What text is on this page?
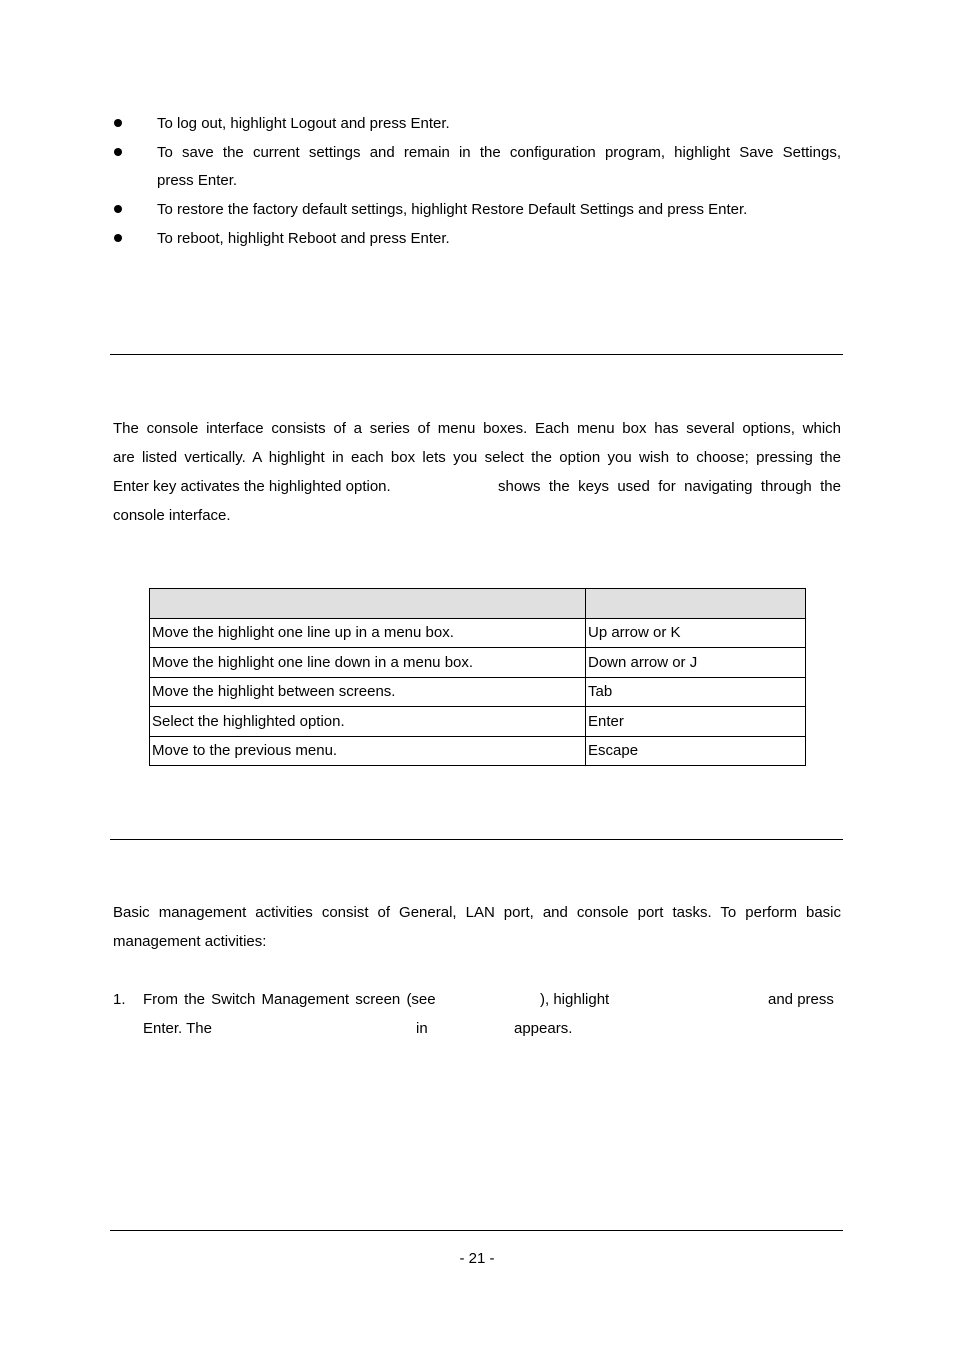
To log out, highlight Logout and press Enter.
To save the current settings and remain in the configuration program, highlight Save Settings,
press Enter.
To restore the factory default settings, highlight Restore Default Settings and press Enter.
To reboot, highlight Reboot and press Enter.
The console interface consists of a series of menu boxes. Each menu box has several options, which
are listed vertically. A highlight in each box lets you select the option you wish to choose; pressing the
Enter key activates the highlighted option.	shows the keys used for navigating through the
console interface.

Move the highlight one line up in a menu box.	Up arrow or K
Move the highlight one line down in a menu box.	Down arrow or J
Move the highlight between screens.	Tab
Select the highlighted option.	Enter
Move to the previous menu.	Escape
Basic management activities consist of General, LAN port, and console port tasks. To perform basic
management activities:
1. From the Switch Management screen (see	), highlight	and press
Enter. The	in	appears.
- 21 -
